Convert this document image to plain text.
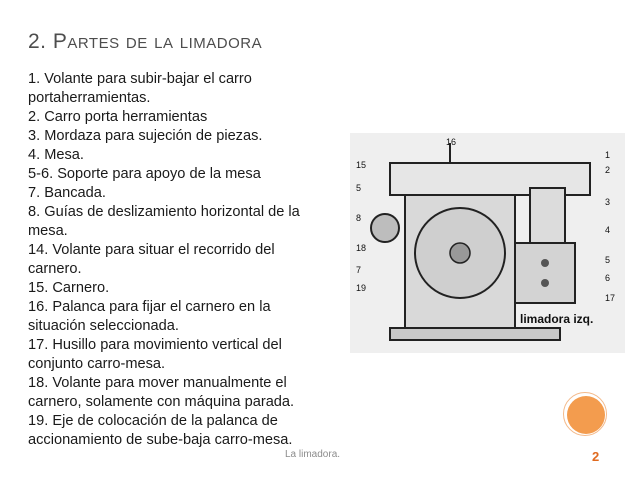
2. Partes de la limadora
1. Volante para subir-bajar el carro
portaherramientas.
2. Carro porta herramientas
3. Mordaza para sujeción de piezas.
4. Mesa.
5-6. Soporte para apoyo de la mesa
7. Bancada.
8. Guías de deslizamiento horizontal de la
mesa.
14. Volante para situar el recorrido del
carnero.
15. Carnero.
16. Palanca para fijar el carnero en la
situación seleccionada.
17. Husillo para movimiento vertical del
conjunto carro-mesa.
18. Volante para mover manualmente el
carnero, solamente con máquina parada.
19. Eje de colocación de la palanca de
accionamiento de sube-baja carro-mesa.
16
15
5
8
18
7
19
1
2
3
4
5
6
17
limadora izq.
La limadora.	2
